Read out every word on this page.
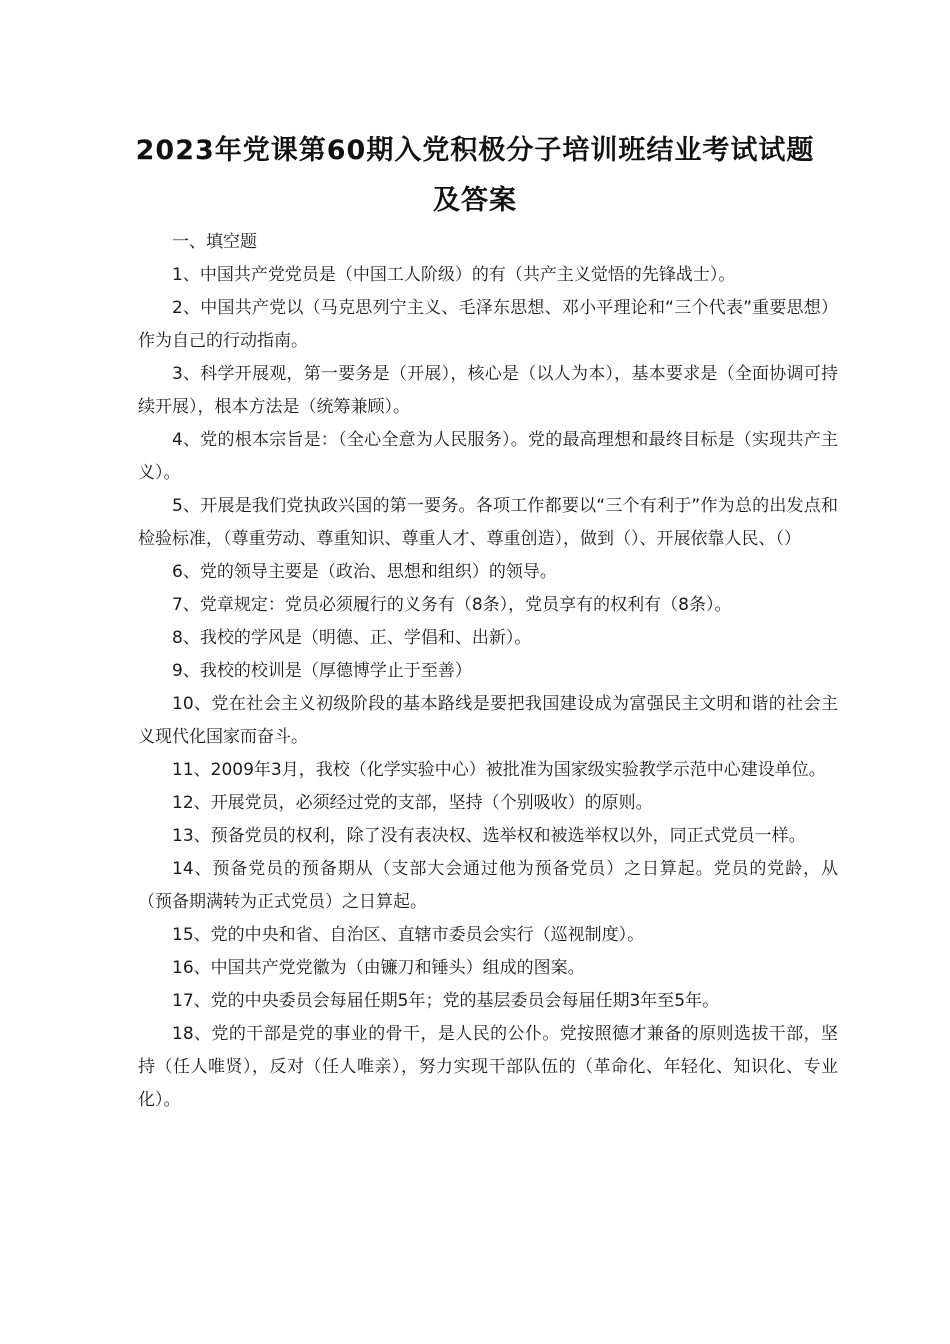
2023年党课第60期入党积极分子培训班结业考试试题
及答案

一、填空题

1、中国共产党党员是（中国工人阶级）的有（共产主义觉悟的先锋战士）。

2、中国共产党以（马克思列宁主义、毛泽东思想、邓小平理论和“三个代表”重要思想）作为自己的行动指南。

3、科学开展观，第一要务是（开展），核心是（以人为本），基本要求是（全面协调可持续开展），根本方法是（统筹兼顾）。

4、党的根本宗旨是：（全心全意为人民服务）。党的最高理想和最终目标是（实现共产主义）。

5、开展是我们党执政兴国的第一要务。各项工作都要以“三个有利于”作为总的出发点和检验标准，（尊重劳动、尊重知识、尊重人才、尊重创造），做到（）、开展依靠人民、（）

6、党的领导主要是（政治、思想和组织）的领导。

7、党章规定：党员必须履行的义务有（8条），党员享有的权利有（8条）。

8、我校的学风是（明德、正、学倡和、出新）。

9、我校的校训是（厚德博学止于至善）

10、党在社会主义初级阶段的基本路线是要把我国建设成为富强民主文明和谐的社会主义现代化国家而奋斗。

11、2009年3月，我校（化学实验中心）被批准为国家级实验教学示范中心建设单位。

12、开展党员，必须经过党的支部，坚持（个别吸收）的原则。

13、预备党员的权利，除了没有表决权、选举权和被选举权以外，同正式党员一样。

14、预备党员的预备期从（支部大会通过他为预备党员）之日算起。党员的党龄，从（预备期满转为正式党员）之日算起。

15、党的中央和省、自治区、直辖市委员会实行（巡视制度）。

16、中国共产党党徽为（由镰刀和锤头）组成的图案。

17、党的中央委员会每届任期5年；党的基层委员会每届任期3年至5年。

18、党的干部是党的事业的骨干，是人民的公仆。党按照德才兼备的原则选拔干部，坚持（任人唯贤），反对（任人唯亲），努力实现干部队伍的（革命化、年轻化、知识化、专业化）。
